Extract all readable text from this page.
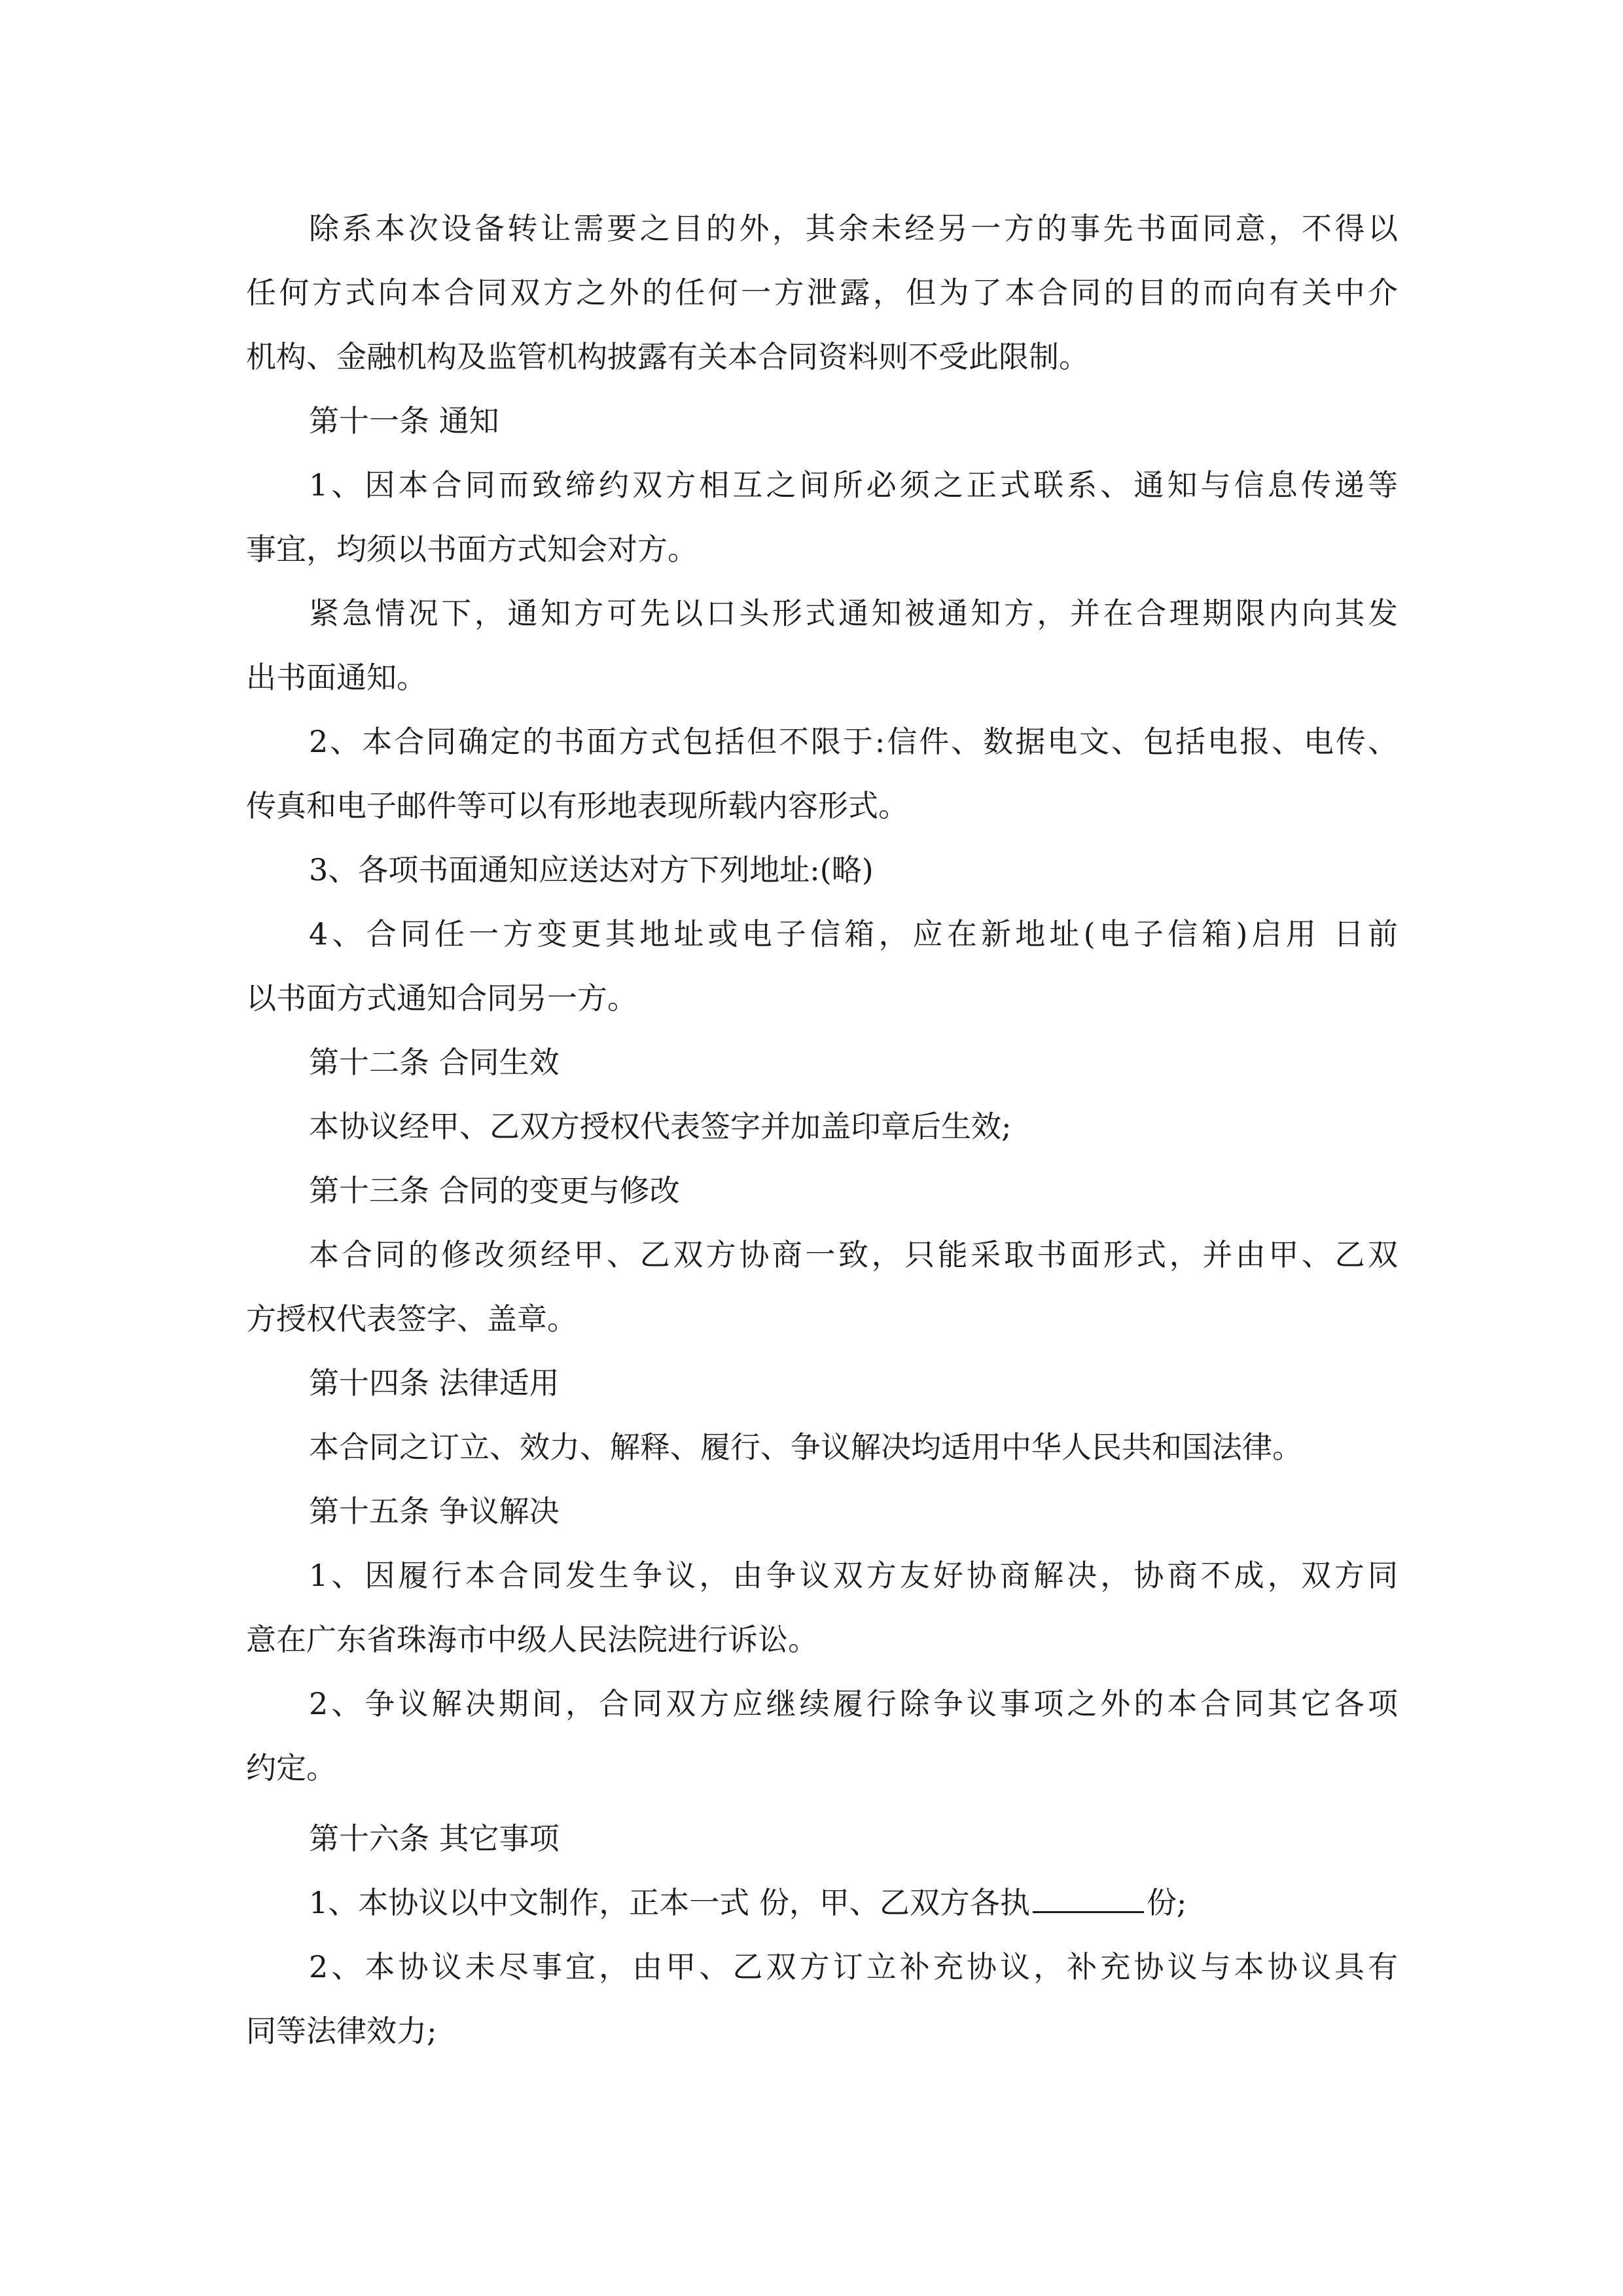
除系本次设备转让需要之目的外，其余未经另一方的事先书面同意，不得以
任何方式向本合同双方之外的任何一方泄露，但为了本合同的目的而向有关中介
机构、金融机构及监管机构披露有关本合同资料则不受此限制。
第十一条 通知
1、因本合同而致缔约双方相互之间所必须之正式联系、通知与信息传递等
事宜，均须以书面方式知会对方。
紧急情况下，通知方可先以口头形式通知被通知方，并在合理期限内向其发
出书面通知。
2、本合同确定的书面方式包括但不限于:信件、数据电文、包括电报、电传、
传真和电子邮件等可以有形地表现所载内容形式。
3、各项书面通知应送达对方下列地址:(略)
4、合同任一方变更其地址或电子信箱，应在新地址(电子信箱)启用 日前
以书面方式通知合同另一方。
第十二条 合同生效
本协议经甲、乙双方授权代表签字并加盖印章后生效;
第十三条 合同的变更与修改
本合同的修改须经甲、乙双方协商一致，只能采取书面形式，并由甲、乙双
方授权代表签字、盖章。
第十四条 法律适用
本合同之订立、效力、解释、履行、争议解决均适用中华人民共和国法律。
第十五条 争议解决
1、因履行本合同发生争议，由争议双方友好协商解决，协商不成，双方同
意在广东省珠海市中级人民法院进行诉讼。
2、争议解决期间，合同双方应继续履行除争议事项之外的本合同其它各项
约定。
第十六条 其它事项
1、本协议以中文制作，正本一式 份，甲、乙双方各执	份;
2、本协议未尽事宜，由甲、乙双方订立补充协议，补充协议与本协议具有
同等法律效力;
